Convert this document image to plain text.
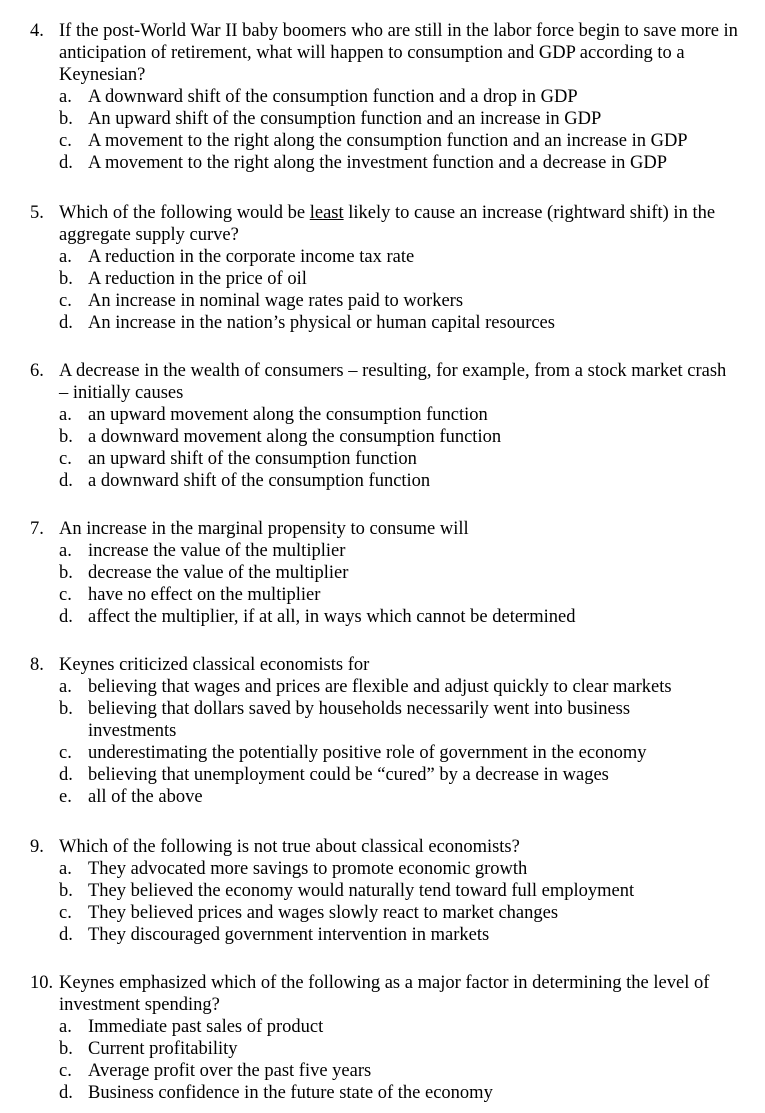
4. If the post-World War II baby boomers who are still in the labor force begin to save more in anticipation of retirement, what will happen to consumption and GDP according to a Keynesian?
a. A downward shift of the consumption function and a drop in GDP
b. An upward shift of the consumption function and an increase in GDP
c. A movement to the right along the consumption function and an increase in GDP
d. A movement to the right along the investment function and a decrease in GDP
5. Which of the following would be least likely to cause an increase (rightward shift) in the aggregate supply curve?
a. A reduction in the corporate income tax rate
b. A reduction in the price of oil
c. An increase in nominal wage rates paid to workers
d. An increase in the nation’s physical or human capital resources
6. A decrease in the wealth of consumers – resulting, for example, from a stock market crash – initially causes
a. an upward movement along the consumption function
b. a downward movement along the consumption function
c. an upward shift of the consumption function
d. a downward shift of the consumption function
7. An increase in the marginal propensity to consume will
a. increase the value of the multiplier
b. decrease the value of the multiplier
c. have no effect on the multiplier
d. affect the multiplier, if at all, in ways which cannot be determined
8. Keynes criticized classical economists for
a. believing that wages and prices are flexible and adjust quickly to clear markets
b. believing that dollars saved by households necessarily went into business investments
c. underestimating the potentially positive role of government in the economy
d. believing that unemployment could be “cured” by a decrease in wages
e. all of the above
9. Which of the following is not true about classical economists?
a. They advocated more savings to promote economic growth
b. They believed the economy would naturally tend toward full employment
c. They believed prices and wages slowly react to market changes
d. They discouraged government intervention in markets
10. Keynes emphasized which of the following as a major factor in determining the level of investment spending?
a. Immediate past sales of product
b. Current profitability
c. Average profit over the past five years
d. Business confidence in the future state of the economy
